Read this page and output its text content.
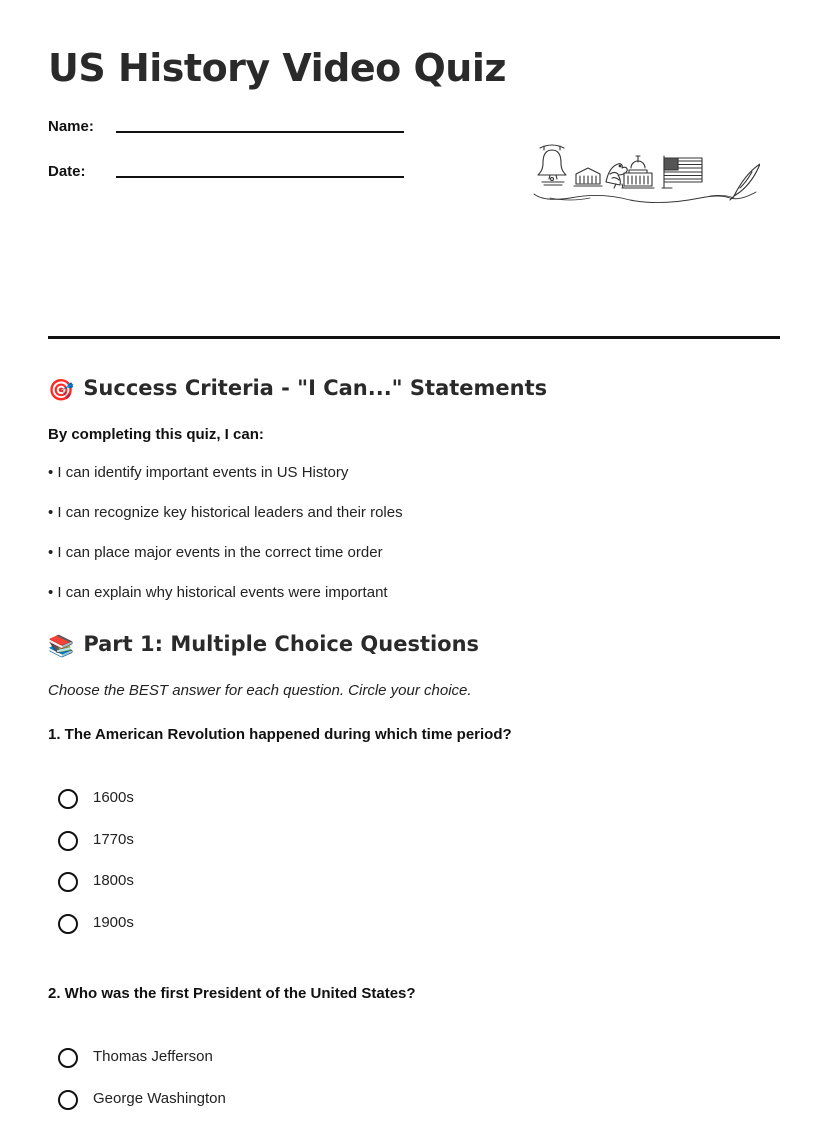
US History Video Quiz
Name:
Date:
🎯 Success Criteria - "I Can..." Statements
By completing this quiz, I can:
• I can identify important events in US History
• I can recognize key historical leaders and their roles
• I can place major events in the correct time order
• I can explain why historical events were important
📚 Part 1: Multiple Choice Questions
Choose the BEST answer for each question. Circle your choice.
1. The American Revolution happened during which time period?
1600s
1770s
1800s
1900s
2. Who was the first President of the United States?
Thomas Jefferson
George Washington
